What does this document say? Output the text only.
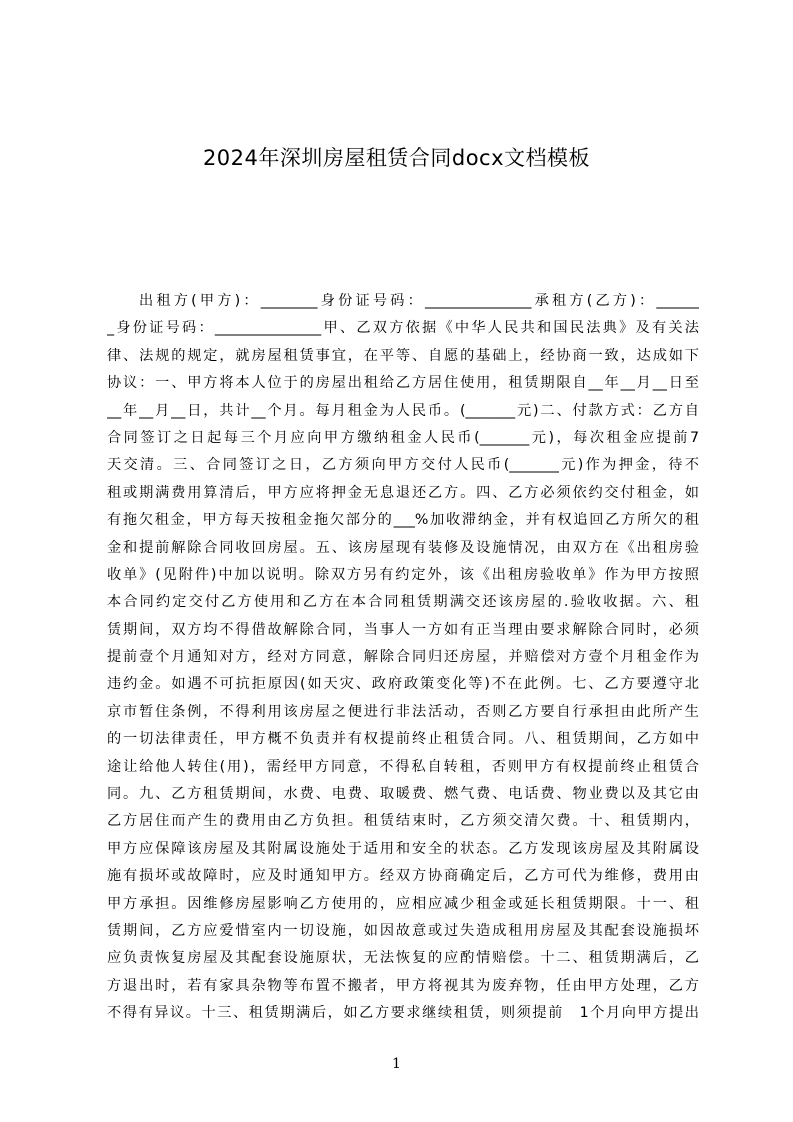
2024年深圳房屋租赁合同docx文档模板
出租方(甲方)：________身份证号码：_______________承租方(乙方)：______
_身份证号码：_______________甲、乙双方依据《中华人民共和国民法典》及有关法
律、法规的规定，就房屋租赁事宜，在平等、自愿的基础上，经协商一致，达成如下
协议：一、甲方将本人位于的房屋出租给乙方居住使用，租赁期限自__年__月__日至
__年__月__日，共计__个月。每月租金为人民币。(_______元)二、付款方式：乙方自
合同签订之日起每三个月应向甲方缴纳租金人民币(_______元)，每次租金应提前7
天交清。三、合同签订之日，乙方须向甲方交付人民币(_______元)作为押金，待不
租或期满费用算清后，甲方应将押金无息退还乙方。四、乙方必须依约交付租金，如
有拖欠租金，甲方每天按租金拖欠部分的___%加收滞纳金，并有权追回乙方所欠的租
金和提前解除合同收回房屋。五、该房屋现有装修及设施情况，由双方在《出租房验
收单》(见附件)中加以说明。除双方另有约定外，该《出租房验收单》作为甲方按照
本合同约定交付乙方使用和乙方在本合同租赁期满交还该房屋的.验收收据。六、租
赁期间，双方均不得借故解除合同，当事人一方如有正当理由要求解除合同时，必须
提前壹个月通知对方，经对方同意，解除合同归还房屋，并赔偿对方壹个月租金作为
违约金。如遇不可抗拒原因(如天灾、政府政策变化等)不在此例。七、乙方要遵守北
京市暂住条例，不得利用该房屋之便进行非法活动，否则乙方要自行承担由此所产生
的一切法律责任，甲方概不负责并有权提前终止租赁合同。八、租赁期间，乙方如中
途让给他人转住(用)，需经甲方同意，不得私自转租，否则甲方有权提前终止租赁合
同。九、乙方租赁期间，水费、电费、取暖费、燃气费、电话费、物业费以及其它由
乙方居住而产生的费用由乙方负担。租赁结束时，乙方须交清欠费。十、租赁期内，
甲方应保障该房屋及其附属设施处于适用和安全的状态。乙方发现该房屋及其附属设
施有损坏或故障时，应及时通知甲方。经双方协商确定后，乙方可代为维修，费用由
甲方承担。因维修房屋影响乙方使用的，应相应减少租金或延长租赁期限。十一、租
赁期间，乙方应爱惜室内一切设施，如因故意或过失造成租用房屋及其配套设施损坏
应负责恢复房屋及其配套设施原状，无法恢复的应酌情赔偿。十二、租赁期满后，乙
方退出时，若有家具杂物等布置不搬者，甲方将视其为废弃物，任由甲方处理，乙方
不得有异议。十三、租赁期满后，如乙方要求继续租赁，则须提前　1个月向甲方提出
1
